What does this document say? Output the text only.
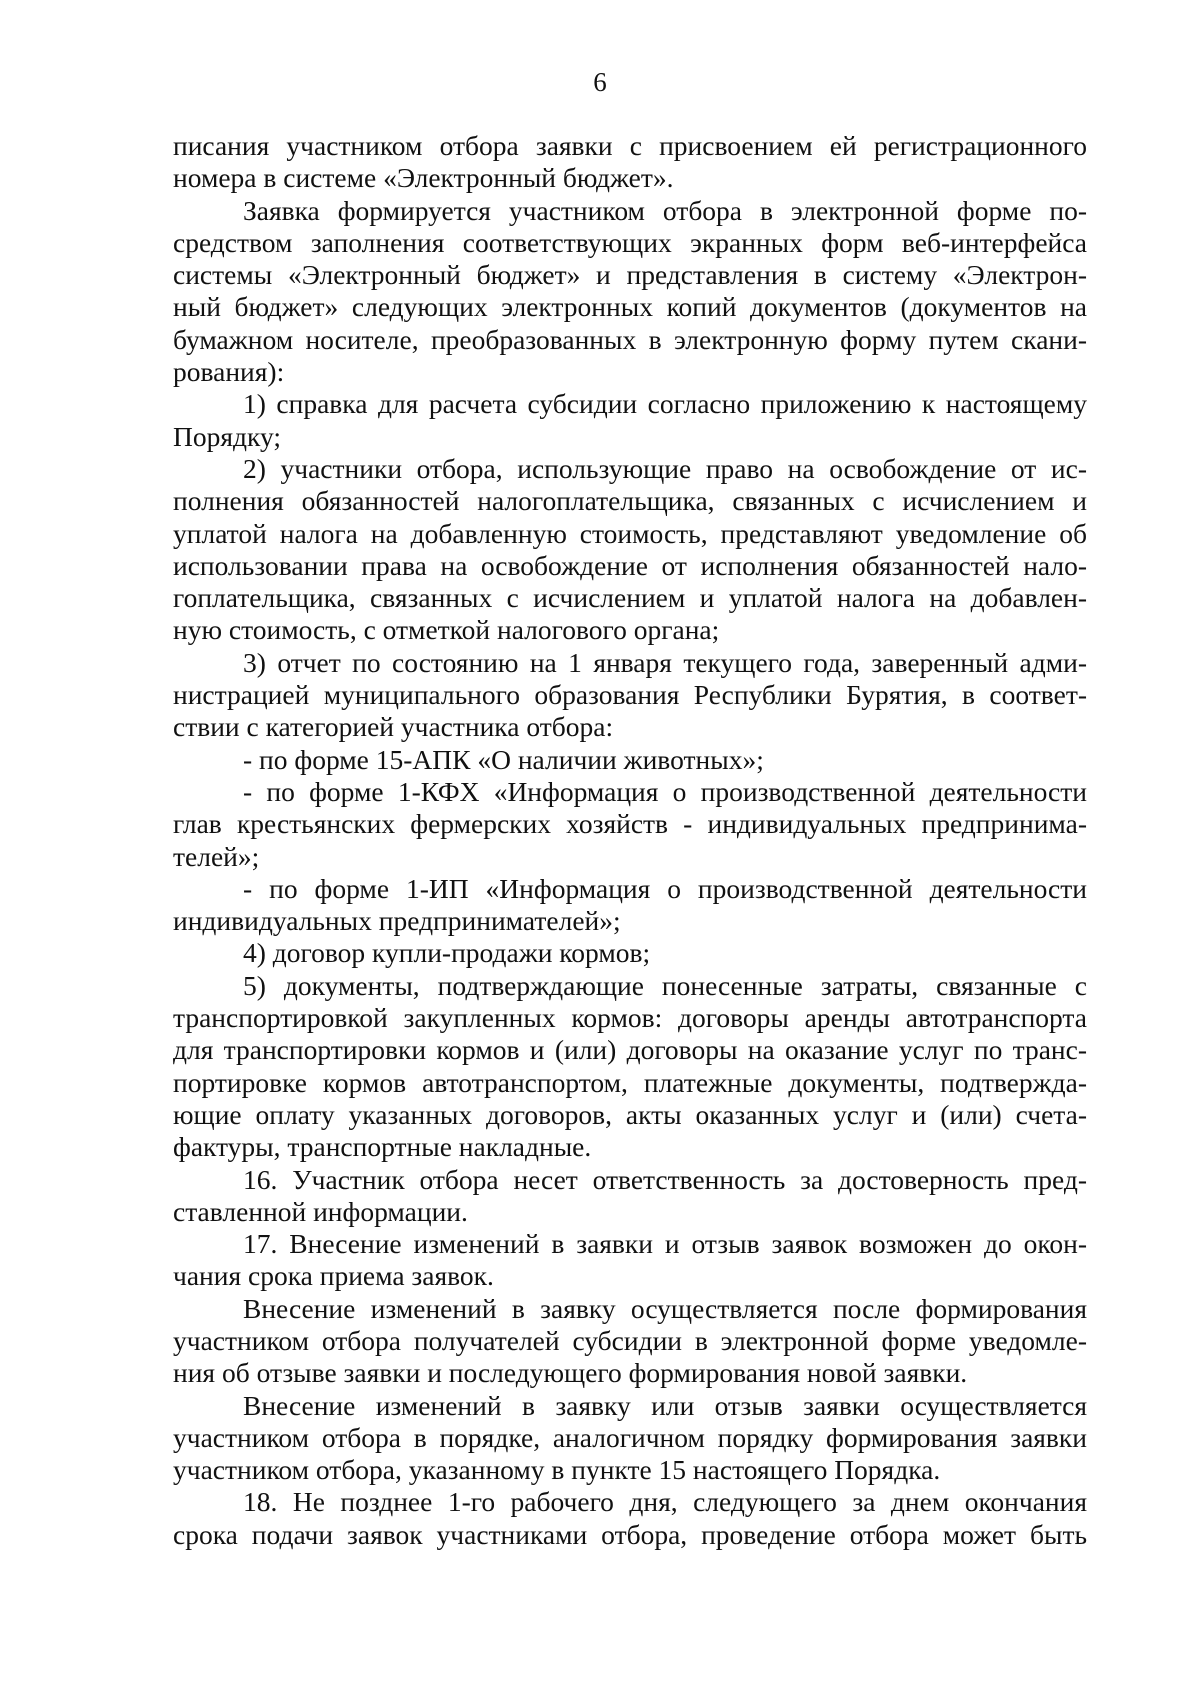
6
писания участником отбора заявки с присвоением ей регистрационного
номера в системе «Электронный бюджет».
Заявка формируется участником отбора в электронной форме по-
средством заполнения соответствующих экранных форм веб-интерфейса
системы «Электронный бюджет» и представления в систему «Электрон-
ный бюджет» следующих электронных копий документов (документов на
бумажном носителе, преобразованных в электронную форму путем скани-
рования):
1) справка для расчета субсидии согласно приложению к настоящему
Порядку;
2) участники отбора, использующие право на освобождение от ис-
полнения обязанностей налогоплательщика, связанных с исчислением и
уплатой налога на добавленную стоимость, представляют уведомление об
использовании права на освобождение от исполнения обязанностей нало-
гоплательщика, связанных с исчислением и уплатой налога на добавлен-
ную стоимость, с отметкой налогового органа;
3) отчет по состоянию на 1 января текущего года, заверенный адми-
нистрацией муниципального образования Республики Бурятия, в соответ-
ствии с категорией участника отбора:
- по форме 15-АПК «О наличии животных»;
- по форме 1-КФХ «Информация о производственной деятельности
глав крестьянских фермерских хозяйств - индивидуальных предпринима-
телей»;
- по форме 1-ИП «Информация о производственной деятельности
индивидуальных предпринимателей»;
4) договор купли-продажи кормов;
5) документы, подтверждающие понесенные затраты, связанные с
транспортировкой закупленных кормов: договоры аренды автотранспорта
для транспортировки кормов и (или) договоры на оказание услуг по транс-
портировке кормов автотранспортом, платежные документы, подтвержда-
ющие оплату указанных договоров, акты оказанных услуг и (или) счета-
фактуры, транспортные накладные.
16. Участник отбора несет ответственность за достоверность пред-
ставленной информации.
17. Внесение изменений в заявки и отзыв заявок возможен до окон-
чания срока приема заявок.
Внесение изменений в заявку осуществляется после формирования
участником отбора получателей субсидии в электронной форме уведомле-
ния об отзыве заявки и последующего формирования новой заявки.
Внесение изменений в заявку или отзыв заявки осуществляется
участником отбора в порядке, аналогичном порядку формирования заявки
участником отбора, указанному в пункте 15 настоящего Порядка.
18. Не позднее 1-го рабочего дня, следующего за днем окончания
срока подачи заявок участниками отбора, проведение отбора может быть
